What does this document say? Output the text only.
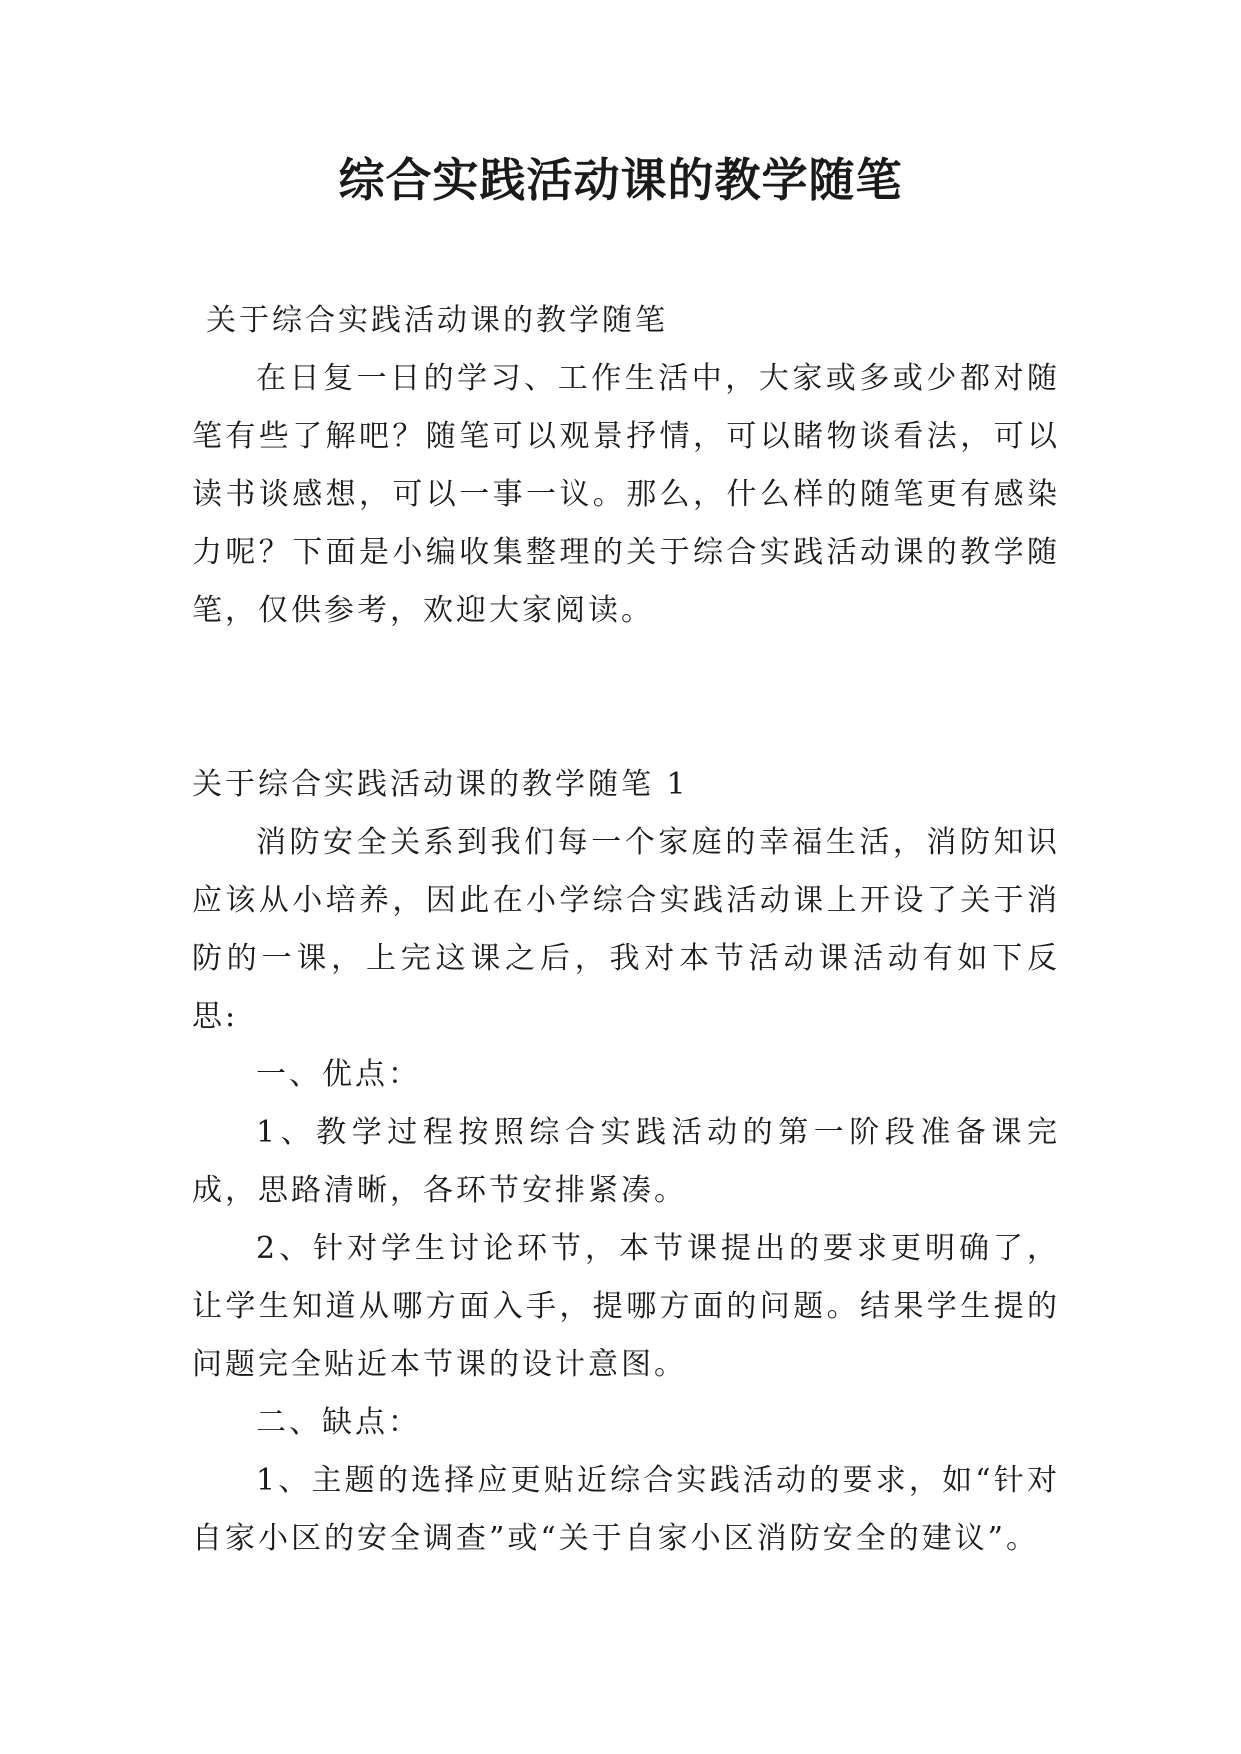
综合实践活动课的教学随笔

关于综合实践活动课的教学随笔

在日复一日的学习、工作生活中，大家或多或少都对随笔有些了解吧？随笔可以观景抒情，可以睹物谈看法，可以读书谈感想，可以一事一议。那么，什么样的随笔更有感染力呢？下面是小编收集整理的关于综合实践活动课的教学随笔，仅供参考，欢迎大家阅读。

关于综合实践活动课的教学随笔 1

消防安全关系到我们每一个家庭的幸福生活，消防知识应该从小培养，因此在小学综合实践活动课上开设了关于消防的一课，上完这课之后，我对本节活动课活动有如下反思:

一、优点：

1、教学过程按照综合实践活动的第一阶段准备课完成，思路清晰，各环节安排紧凑。

2、针对学生讨论环节，本节课提出的要求更明确了，让学生知道从哪方面入手，提哪方面的问题。结果学生提的问题完全贴近本节课的设计意图。

二、缺点：

1、主题的选择应更贴近综合实践活动的要求，如“针对自家小区的安全调查”或“关于自家小区消防安全的建议”。
